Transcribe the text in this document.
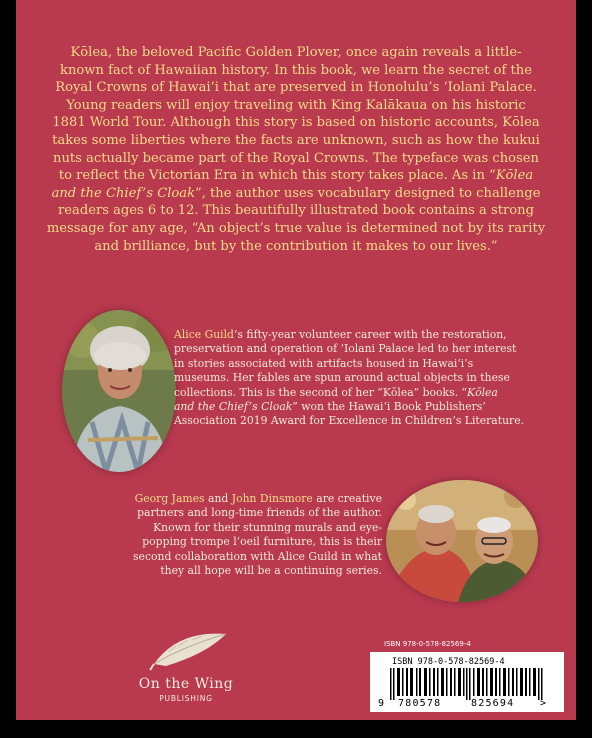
Kōlea, the beloved Pacific Golden Plover, once again reveals a little-
known fact of Hawaiian history. In this book, we learn the secret of the
Royal Crowns of Hawaiʻi that are preserved in Honolulu’s ʻIolani Palace.
Young readers will enjoy traveling with King Kalākaua on his historic
1881 World Tour. Although this story is based on historic accounts, Kōlea
takes some liberties where the facts are unknown, such as how the kukui
nuts actually became part of the Royal Crowns. The typeface was chosen
to reflect the Victorian Era in which this story takes place. As in “Kōlea
and the Chief’s Cloak”, the author uses vocabulary designed to challenge
readers ages 6 to 12. This beautifully illustrated book contains a strong
message for any age, “An object’s true value is determined not by its rarity
and brilliance, but by the contribution it makes to our lives.”
Alice Guild’s fifty-year volunteer career with the restoration,
preservation and operation of ʻIolani Palace led to her interest
in stories associated with artifacts housed in Hawaiʻi’s
museums. Her fables are spun around actual objects in these
collections. This is the second of her “Kōlea” books. “Kōlea
and the Chief’s Cloak” won the Hawaiʻi Book Publishers’
Association 2019 Award for Excellence in Children’s Literature.
Georg James and John Dinsmore are creative
partners and long-time friends of the author.
Known for their stunning murals and eye-
popping trompe l’oeil furniture, this is their
second collaboration with Alice Guild in what
they all hope will be a continuing series.
On the Wing
PUBLISHING
ISBN 978-0-578-82569-4
ISBN 978-0-578-82569-4
9 780578	825694	>
